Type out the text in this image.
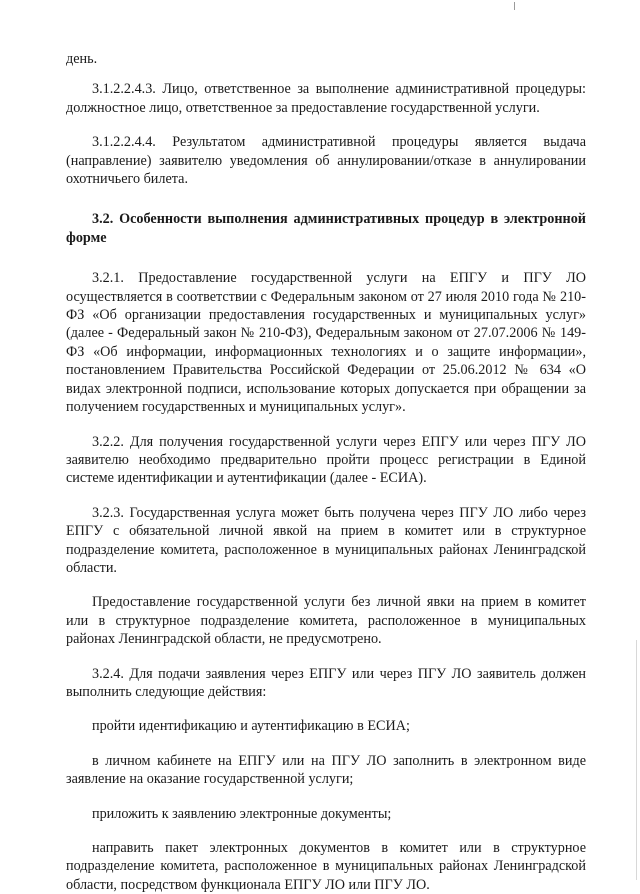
день.

3.1.2.2.4.3. Лицо, ответственное за выполнение административной процедуры: должностное лицо, ответственное за предоставление государственной услуги.

3.1.2.2.4.4. Результатом административной процедуры является выдача (направление) заявителю уведомления об аннулировании/отказе в аннулировании охотничьего билета.

3.2. Особенности выполнения административных процедур в электронной форме

3.2.1. Предоставление государственной услуги на ЕПГУ и ПГУ ЛО осуществляется в соответствии с Федеральным законом от 27 июля 2010 года № 210-ФЗ «Об организации предоставления государственных и муниципальных услуг» (далее - Федеральный закон № 210-ФЗ), Федеральным законом от 27.07.2006 № 149-ФЗ «Об информации, информационных технологиях и о защите информации», постановлением Правительства Российской Федерации от 25.06.2012 № 634 «О видах электронной подписи, использование которых допускается при обращении за получением государственных и муниципальных услуг».

3.2.2. Для получения государственной услуги через ЕПГУ или через ПГУ ЛО заявителю необходимо предварительно пройти процесс регистрации в Единой системе идентификации и аутентификации (далее - ЕСИА).

3.2.3. Государственная услуга может быть получена через ПГУ ЛО либо через ЕПГУ с обязательной личной явкой на прием в комитет или в структурное подразделение комитета, расположенное в муниципальных районах Ленинградской области.

Предоставление государственной услуги без личной явки на прием в комитет или в структурное подразделение комитета, расположенное в муниципальных районах Ленинградской области, не предусмотрено.

3.2.4. Для подачи заявления через ЕПГУ или через ПГУ ЛО заявитель должен выполнить следующие действия:

пройти идентификацию и аутентификацию в ЕСИА;

в личном кабинете на ЕПГУ или на ПГУ ЛО заполнить в электронном виде заявление на оказание государственной услуги;

приложить к заявлению электронные документы;

направить пакет электронных документов в комитет или в структурное подразделение комитета, расположенное в муниципальных районах Ленинградской области, посредством функционала ЕПГУ ЛО или ПГУ ЛО.
